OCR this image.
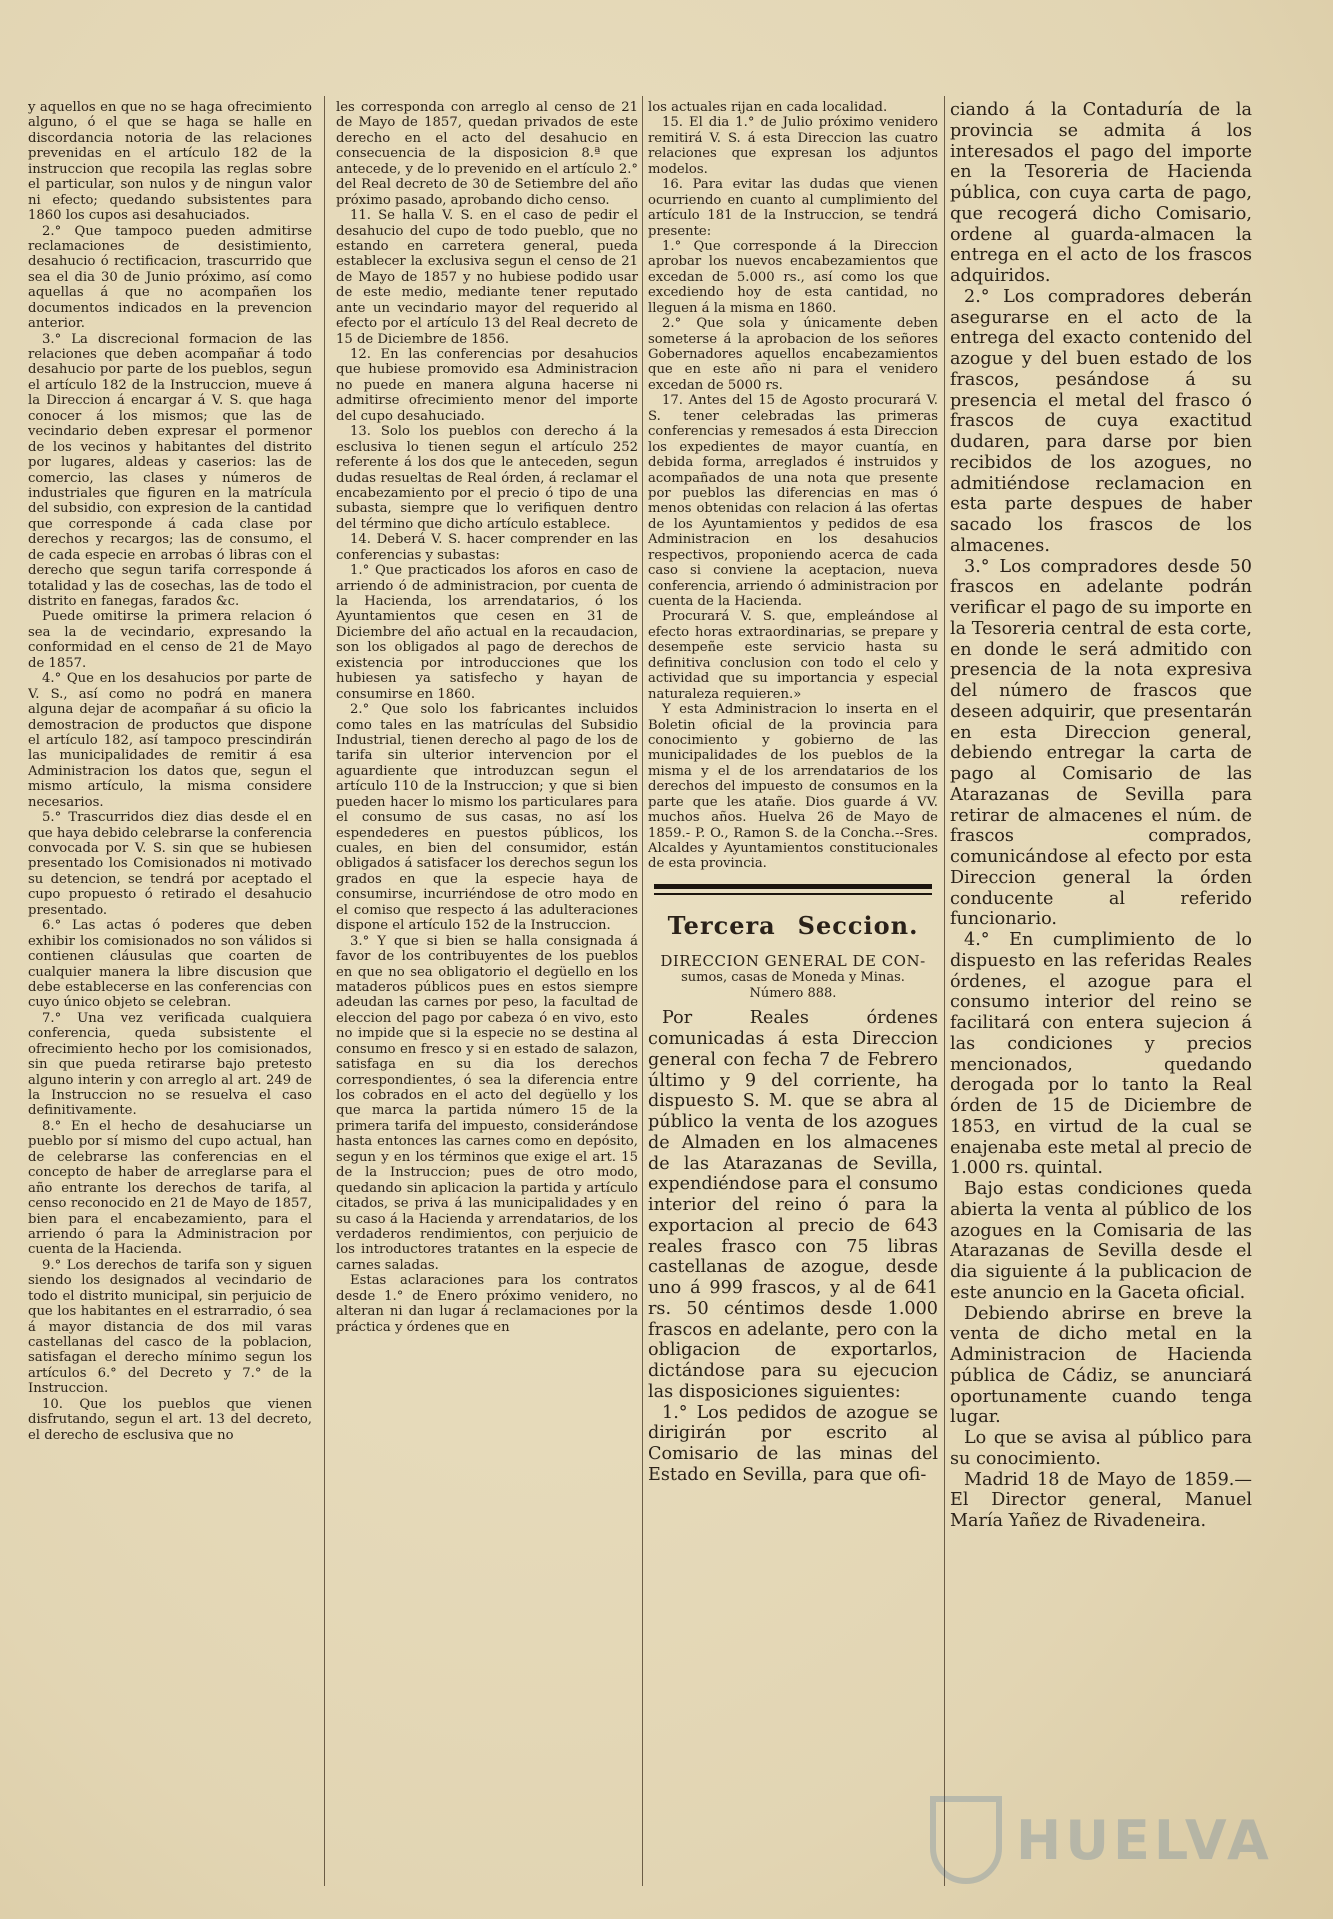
y aquellos en que no se haga ofrecimiento alguno, ó el que se haga se halle en discordancia notoria de las relaciones prevenidas en el artículo 182 de la instruccion que recopila las reglas sobre el particular, son nulos y de ningun valor ni efecto; quedando subsistentes para 1860 los cupos asi desahuciados.

2.° Que tampoco pueden admitirse reclamaciones de desistimiento, desahucio ó rectificacion, trascurrido que sea el dia 30 de Junio próximo, así como aquellas á que no acompañen los documentos indicados en la prevencion anterior.

3.° La discrecional formacion de las relaciones que deben acompañar á todo desahucio por parte de los pueblos, segun el artículo 182 de la Instruccion, mueve á la Direccion á encargar á V. S. que haga conocer á los mismos; que las de vecindario deben expresar el pormenor de los vecinos y habitantes del distrito por lugares, aldeas y caserios: las de comercio, las clases y números de industriales que figuren en la matrícula del subsidio, con expresion de la cantidad que corresponde á cada clase por derechos y recargos; las de consumo, el de cada especie en arrobas ó libras con el derecho que segun tarifa corresponde á totalidad y las de cosechas, las de todo el distrito en fanegas, farados &c.

Puede omitirse la primera relacion ó sea la de vecindario, expresando la conformidad en el censo de 21 de Mayo de 1857.

4.° Que en los desahucios por parte de V. S., así como no podrá en manera alguna dejar de acompañar á su oficio la demostracion de productos que dispone el artículo 182, así tampoco prescindirán las municipalidades de remitir á esa Administracion los datos que, segun el mismo artículo, la misma considere necesarios.

5.° Trascurridos diez dias desde el en que haya debido celebrarse la conferencia convocada por V. S. sin que se hubiesen presentado los Comisionados ni motivado su detencion, se tendrá por aceptado el cupo propuesto ó retirado el desahucio presentado.

6.° Las actas ó poderes que deben exhibir los comisionados no son válidos si contienen cláusulas que coarten de cualquier manera la libre discusion que debe establecerse en las conferencias con cuyo único objeto se celebran.

7.° Una vez verificada cualquiera conferencia, queda subsistente el ofrecimiento hecho por los comisionados, sin que pueda retirarse bajo pretesto alguno interin y con arreglo al art. 249 de la Instruccion no se resuelva el caso definitivamente.

8.° En el hecho de desahuciarse un pueblo por sí mismo del cupo actual, han de celebrarse las conferencias en el concepto de haber de arreglarse para el año entrante los derechos de tarifa, al censo reconocido en 21 de Mayo de 1857, bien para el encabezamiento, para el arriendo ó para la Administracion por cuenta de la Hacienda.

9.° Los derechos de tarifa son y siguen siendo los designados al vecindario de todo el distrito municipal, sin perjuicio de que los habitantes en el estrarradio, ó sea á mayor distancia de dos mil varas castellanas del casco de la poblacion, satisfagan el derecho mínimo segun los artículos 6.° del Decreto y 7.° de la Instruccion.

10. Que los pueblos que vienen disfrutando, segun el art. 13 del decreto, el derecho de esclusiva que no

les corresponda con arreglo al censo de 21 de Mayo de 1857, quedan privados de este derecho en el acto del desahucio en consecuencia de la disposicion 8.ª que antecede, y de lo prevenido en el artículo 2.° del Real decreto de 30 de Setiembre del año próximo pasado, aprobando dicho censo.

11. Se halla V. S. en el caso de pedir el desahucio del cupo de todo pueblo, que no estando en carretera general, pueda establecer la exclusiva segun el censo de 21 de Mayo de 1857 y no hubiese podido usar de este medio, mediante tener reputado ante un vecindario mayor del requerido al efecto por el artículo 13 del Real decreto de 15 de Diciembre de 1856.

12. En las conferencias por desahucios que hubiese promovido esa Administracion no puede en manera alguna hacerse ni admitirse ofrecimiento menor del importe del cupo desahuciado.

13. Solo los pueblos con derecho á la esclusiva lo tienen segun el artículo 252 referente á los dos que le anteceden, segun dudas resueltas de Real órden, á reclamar el encabezamiento por el precio ó tipo de una subasta, siempre que lo verifiquen dentro del término que dicho artículo establece.

14. Deberá V. S. hacer comprender en las conferencias y subastas:

1.° Que practicados los aforos en caso de arriendo ó de administracion, por cuenta de la Hacienda, los arrendatarios, ó los Ayuntamientos que cesen en 31 de Diciembre del año actual en la recaudacion, son los obligados al pago de derechos de existencia por introducciones que los hubiesen ya satisfecho y hayan de consumirse en 1860.

2.° Que solo los fabricantes incluidos como tales en las matrículas del Subsidio Industrial, tienen derecho al pago de los de tarifa sin ulterior intervencion por el aguardiente que introduzcan segun el artículo 110 de la Instruccion; y que si bien pueden hacer lo mismo los particulares para el consumo de sus casas, no así los espendederes en puestos públicos, los cuales, en bien del consumidor, están obligados á satisfacer los derechos segun los grados en que la especie haya de consumirse, incurriéndose de otro modo en el comiso que respecto á las adulteraciones dispone el artículo 152 de la Instruccion.

3.° Y que si bien se halla consignada á favor de los contribuyentes de los pueblos en que no sea obligatorio el degüello en los mataderos públicos pues en estos siempre adeudan las carnes por peso, la facultad de eleccion del pago por cabeza ó en vivo, esto no impide que si la especie no se destina al consumo en fresco y si en estado de salazon, satisfaga en su dia los derechos correspondientes, ó sea la diferencia entre los cobrados en el acto del degüello y los que marca la partida número 15 de la primera tarifa del impuesto, considerándose hasta entonces las carnes como en depósito, segun y en los términos que exige el art. 15 de la Instruccion; pues de otro modo, quedando sin aplicacion la partida y artículo citados, se priva á las municipalidades y en su caso á la Hacienda y arrendatarios, de los verdaderos rendimientos, con perjuicio de los introductores tratantes en la especie de carnes saladas.

Estas aclaraciones para los contratos desde 1.° de Enero próximo venidero, no alteran ni dan lugar á reclamaciones por la práctica y órdenes que en

los actuales rijan en cada localidad.

15. El dia 1.° de Julio próximo venidero remitirá V. S. á esta Direccion las cuatro relaciones que expresan los adjuntos modelos.

16. Para evitar las dudas que vienen ocurriendo en cuanto al cumplimiento del artículo 181 de la Instruccion, se tendrá presente:

1.° Que corresponde á la Direccion aprobar los nuevos encabezamientos que excedan de 5.000 rs., así como los que excediendo hoy de esta cantidad, no lleguen á la misma en 1860.

2.° Que sola y únicamente deben someterse á la aprobacion de los señores Gobernadores aquellos encabezamientos que en este año ni para el venidero excedan de 5000 rs.

17. Antes del 15 de Agosto procurará V. S. tener celebradas las primeras conferencias y remesados á esta Direccion los expedientes de mayor cuantía, en debida forma, arreglados é instruidos y acompañados de una nota que presente por pueblos las diferencias en mas ó menos obtenidas con relacion á las ofertas de los Ayuntamientos y pedidos de esa Administracion en los desahucios respectivos, proponiendo acerca de cada caso si conviene la aceptacion, nueva conferencia, arriendo ó administracion por cuenta de la Hacienda.

Procurará V. S. que, empleándose al efecto horas extraordinarias, se prepare y desempeñe este servicio hasta su definitiva conclusion con todo el celo y actividad que su importancia y especial naturaleza requieren.»

Y esta Administracion lo inserta en el Boletin oficial de la provincia para conocimiento y gobierno de las municipalidades de los pueblos de la misma y el de los arrendatarios de los derechos del impuesto de consumos en la parte que les atañe. Dios guarde á VV. muchos años. Huelva 26 de Mayo de 1859.- P. O., Ramon S. de la Concha.--Sres. Alcaldes y Ayuntamientos constitucionales de esta provincia.

Tercera Seccion.
DIRECCION GENERAL DE CON-
sumos, casas de Moneda y Minas.
Número 888.

Por Reales órdenes comunicadas á esta Direccion general con fecha 7 de Febrero último y 9 del corriente, ha dispuesto S. M. que se abra al público la venta de los azogues de Almaden en los almacenes de las Atarazanas de Sevilla, expendiéndose para el consumo interior del reino ó para la exportacion al precio de 643 reales frasco con 75 libras castellanas de azogue, desde uno á 999 frascos, y al de 641 rs. 50 céntimos desde 1.000 frascos en adelante, pero con la obligacion de exportarlos, dictándose para su ejecucion las disposiciones siguientes:

1.° Los pedidos de azogue se dirigirán por escrito al Comisario de las minas del Estado en Sevilla, para que ofi-

ciando á la Contaduría de la provincia se admita á los interesados el pago del importe en la Tesoreria de Hacienda pública, con cuya carta de pago, que recogerá dicho Comisario, ordene al guarda-almacen la entrega en el acto de los frascos adquiridos.

2.° Los compradores deberán asegurarse en el acto de la entrega del exacto contenido del azogue y del buen estado de los frascos, pesándose á su presencia el metal del frasco ó frascos de cuya exactitud dudaren, para darse por bien recibidos de los azogues, no admitiéndose reclamacion en esta parte despues de haber sacado los frascos de los almacenes.

3.° Los compradores desde 50 frascos en adelante podrán verificar el pago de su importe en la Tesoreria central de esta corte, en donde le será admitido con presencia de la nota expresiva del número de frascos que deseen adquirir, que presentarán en esta Direccion general, debiendo entregar la carta de pago al Comisario de las Atarazanas de Sevilla para retirar de almacenes el núm. de frascos comprados, comunicándose al efecto por esta Direccion general la órden conducente al referido funcionario.

4.° En cumplimiento de lo dispuesto en las referidas Reales órdenes, el azogue para el consumo interior del reino se facilitará con entera sujecion á las condiciones y precios mencionados, quedando derogada por lo tanto la Real órden de 15 de Diciembre de 1853, en virtud de la cual se enajenaba este metal al precio de 1.000 rs. quintal.

Bajo estas condiciones queda abierta la venta al público de los azogues en la Comisaria de las Atarazanas de Sevilla desde el dia siguiente á la publicacion de este anuncio en la Gaceta oficial.

Debiendo abrirse en breve la venta de dicho metal en la Administracion de Hacienda pública de Cádiz, se anunciará oportunamente cuando tenga lugar.

Lo que se avisa al público para su conocimiento.

Madrid 18 de Mayo de 1859.—El Director general, Manuel María Yañez de Rivadeneira.

HUELVA
